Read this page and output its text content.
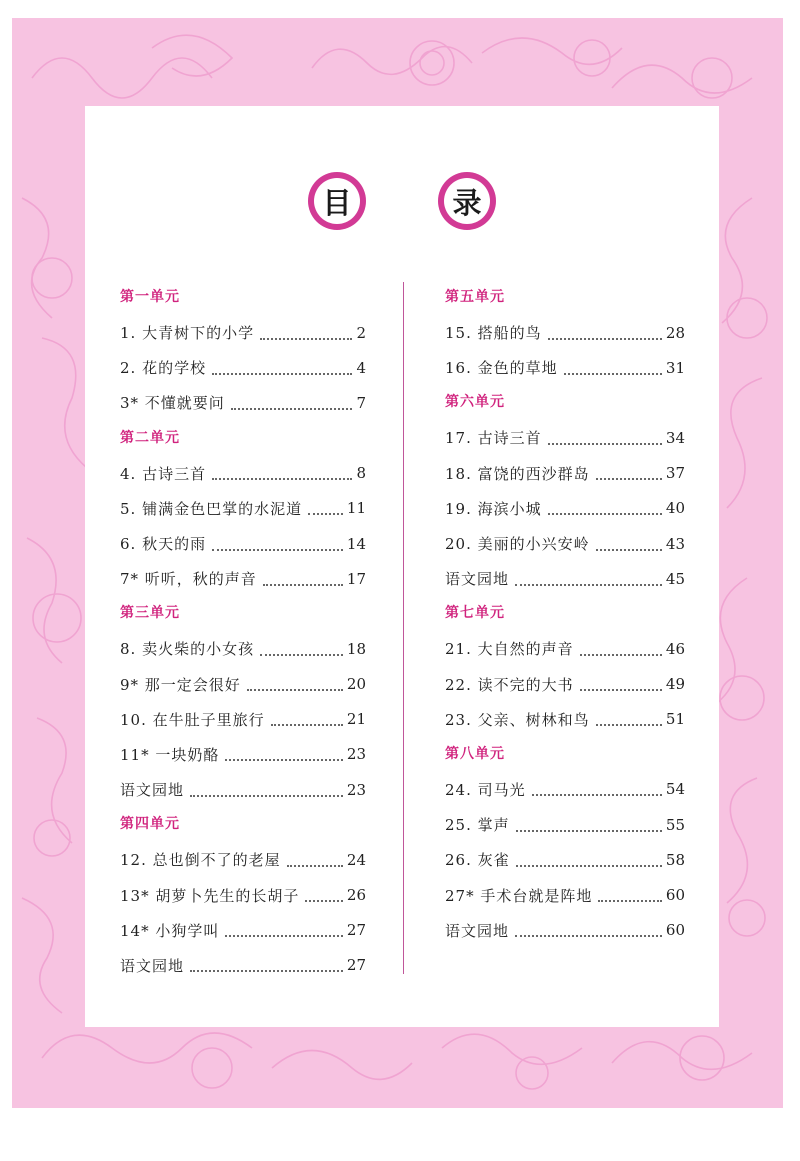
目	录
第一单元
1. 大青树下的小学	2
2. 花的学校	4
3* 不懂就要问	7
第二单元
4. 古诗三首	8
5. 铺满金色巴掌的水泥道	11
6. 秋天的雨	14
7* 听听，秋的声音	17
第三单元
8. 卖火柴的小女孩	18
9* 那一定会很好	20
10. 在牛肚子里旅行	21
11* 一块奶酪	23
语文园地	23
第四单元
12. 总也倒不了的老屋	24
13* 胡萝卜先生的长胡子	26
14* 小狗学叫	27
语文园地	27
第五单元
15. 搭船的鸟	28
16. 金色的草地	31
第六单元
17. 古诗三首	34
18. 富饶的西沙群岛	37
19. 海滨小城	40
20. 美丽的小兴安岭	43
语文园地	45
第七单元
21. 大自然的声音	46
22. 读不完的大书	49
23. 父亲、树林和鸟	51
第八单元
24. 司马光	54
25. 掌声	55
26. 灰雀	58
27* 手术台就是阵地	60
语文园地	60
